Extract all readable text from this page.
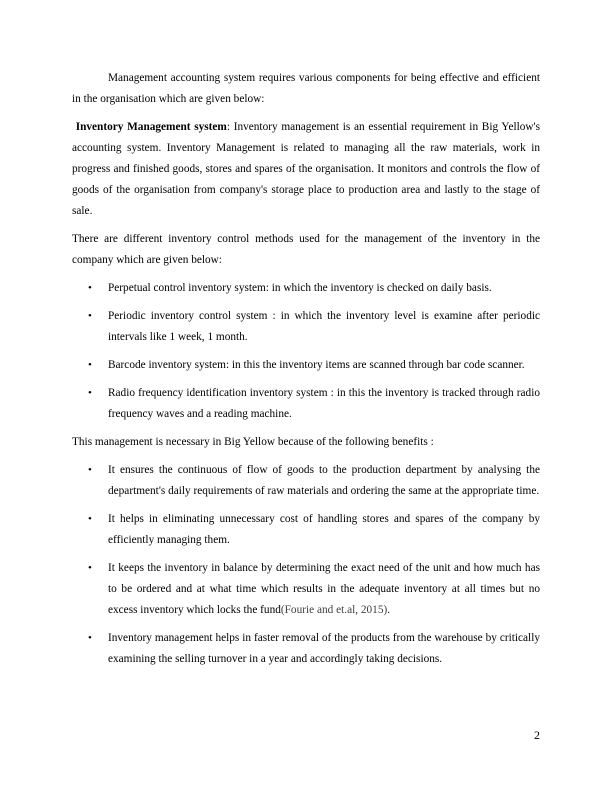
Management accounting system requires various components for being effective and efficient in the organisation which are given below:

Inventory Management system: Inventory management is an essential requirement in Big Yellow's accounting system. Inventory Management is related to managing all the raw materials, work in progress and finished goods, stores and spares of the organisation. It monitors and controls the flow of goods of the organisation from company's storage place to production area and lastly to the stage of sale.

There are different inventory control methods used for the management of the inventory in the company which are given below:

•	Perpetual control inventory system: in which the inventory is checked on daily basis.
•	Periodic inventory control system : in which the inventory level is examine after periodic intervals like 1 week, 1 month.
•	Barcode inventory system: in this the inventory items are scanned through bar code scanner.
•	Radio frequency identification inventory system : in this the inventory is tracked through radio frequency waves and a reading machine.

This management is necessary in Big Yellow because of the following benefits :

•	It ensures the continuous of flow of goods to the production department by analysing the department's daily requirements of raw materials and ordering the same at the appropriate time.
•	It helps in eliminating unnecessary cost of handling stores and spares of the company by efficiently managing them.
•	It keeps the inventory in balance by determining the exact need of the unit and how much has to be ordered and at what time which results in the adequate inventory at all times but no excess inventory which locks the fund(Fourie and et.al, 2015).
•	Inventory management helps in faster removal of the products from the warehouse by critically examining the selling turnover in a year and accordingly taking decisions.
2
